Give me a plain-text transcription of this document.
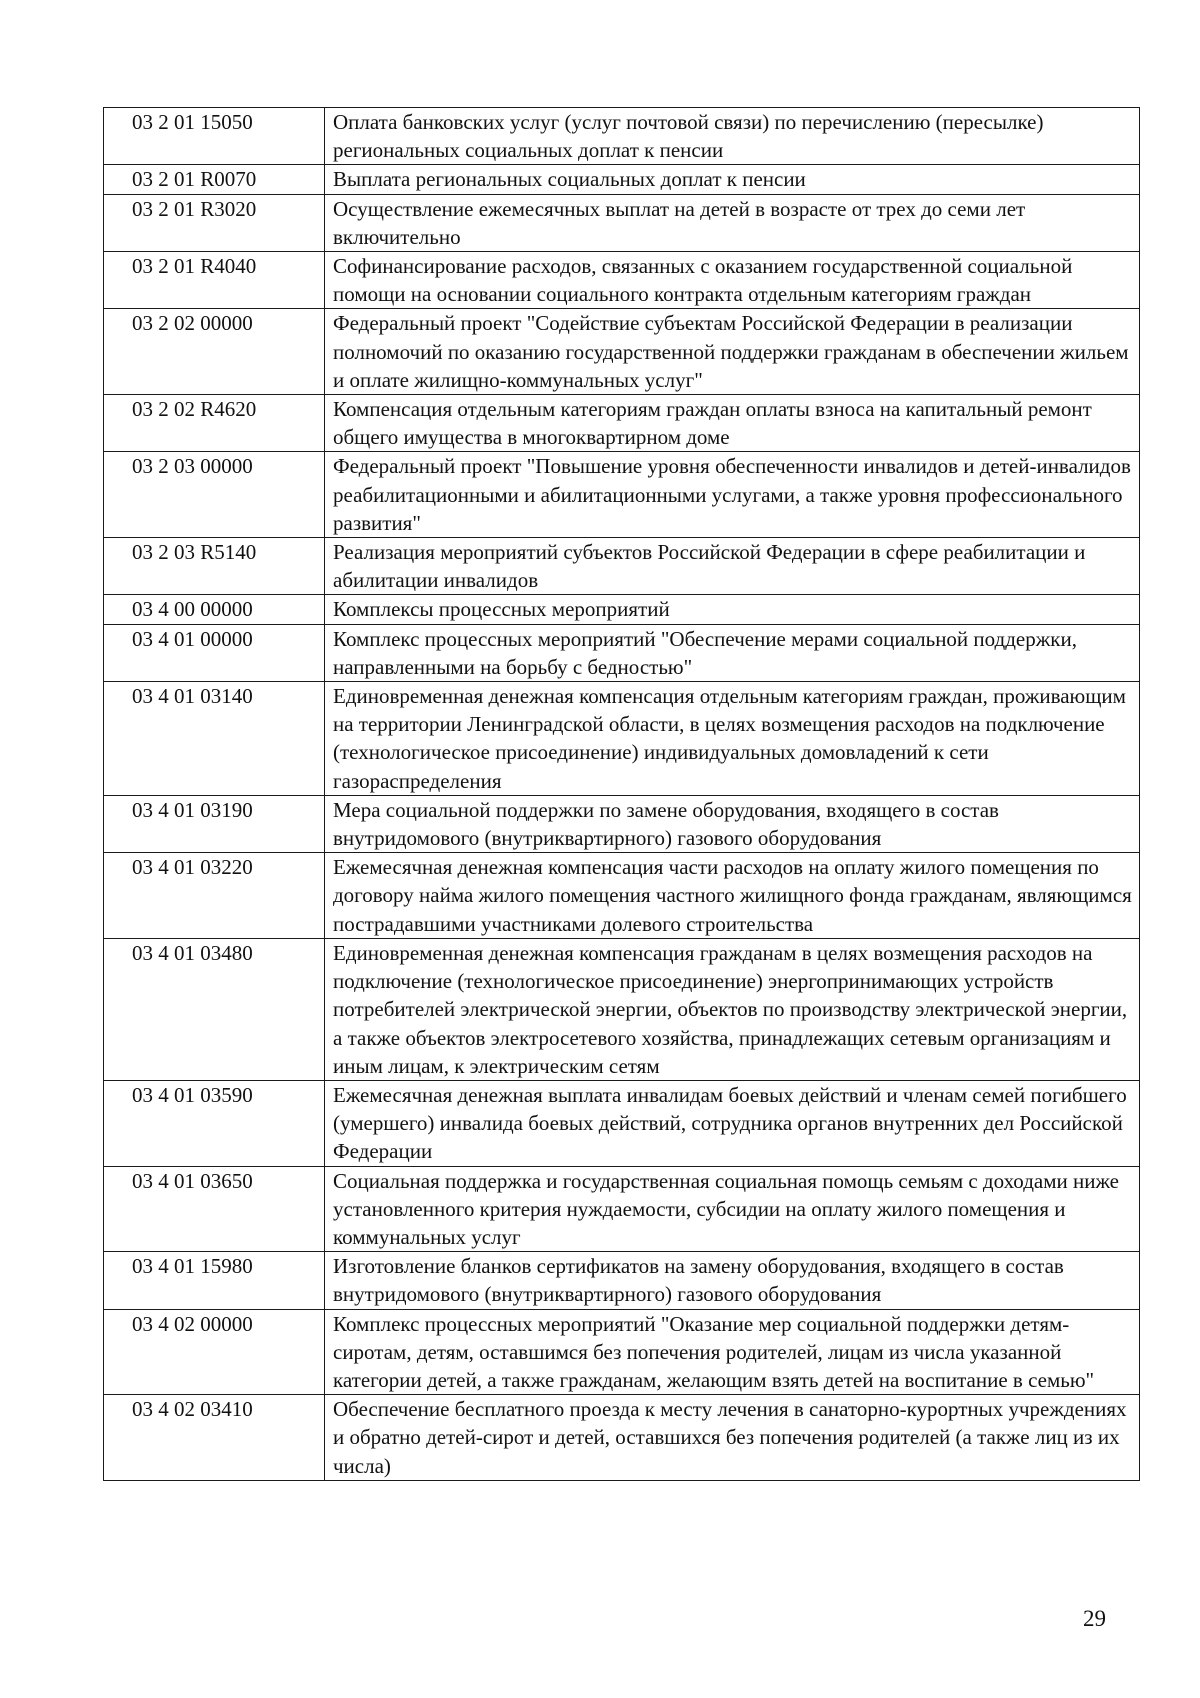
03 2 01 15050	Оплата банковских услуг (услуг почтовой связи) по перечислению (пересылке) региональных социальных доплат к пенсии
03 2 01 R0070	Выплата региональных социальных доплат к пенсии
03 2 01 R3020	Осуществление ежемесячных выплат на детей в возрасте от трех до семи лет включительно
03 2 01 R4040	Софинансирование расходов, связанных с оказанием государственной социальной помощи на основании социального контракта отдельным категориям граждан
03 2 02 00000	Федеральный проект "Содействие субъектам Российской Федерации в реализации полномочий по оказанию государственной поддержки гражданам в обеспечении жильем и оплате жилищно-коммунальных услуг"
03 2 02 R4620	Компенсация отдельным категориям граждан оплаты взноса на капитальный ремонт общего имущества в многоквартирном доме
03 2 03 00000	Федеральный проект "Повышение уровня обеспеченности инвалидов и детей-инвалидов реабилитационными и абилитационными услугами, а также уровня профессионального развития"
03 2 03 R5140	Реализация мероприятий субъектов Российской Федерации в сфере реабилитации и абилитации инвалидов
03 4 00 00000	Комплексы процессных мероприятий
03 4 01 00000	Комплекс процессных мероприятий "Обеспечение мерами социальной поддержки, направленными на борьбу с бедностью"
03 4 01 03140	Единовременная денежная компенсация отдельным категориям граждан, проживающим на территории Ленинградской области, в целях возмещения расходов на подключение (технологическое присоединение) индивидуальных домовладений к сети газораспределения
03 4 01 03190	Мера социальной поддержки по замене оборудования, входящего в состав внутридомового (внутриквартирного) газового оборудования
03 4 01 03220	Ежемесячная денежная компенсация части расходов на оплату жилого помещения по договору найма жилого помещения частного жилищного фонда гражданам, являющимся пострадавшими участниками долевого строительства
03 4 01 03480	Единовременная денежная компенсация гражданам в целях возмещения расходов на подключение (технологическое присоединение) энергопринимающих устройств потребителей электрической энергии, объектов по производству электрической энергии, а также объектов электросетевого хозяйства, принадлежащих сетевым организациям и иным лицам, к электрическим сетям
03 4 01 03590	Ежемесячная денежная выплата инвалидам боевых действий и членам семей погибшего (умершего) инвалида боевых действий, сотрудника органов внутренних дел Российской Федерации
03 4 01 03650	Социальная поддержка и государственная социальная помощь семьям с доходами ниже установленного критерия нуждаемости, субсидии на оплату жилого помещения и коммунальных услуг
03 4 01 15980	Изготовление бланков сертификатов на замену оборудования, входящего в состав внутридомового (внутриквартирного) газового оборудования
03 4 02 00000	Комплекс процессных мероприятий "Оказание мер социальной поддержки детям-сиротам, детям, оставшимся без попечения родителей, лицам из числа указанной категории детей, а также гражданам, желающим взять детей на воспитание в семью"
03 4 02 03410	Обеспечение бесплатного проезда к месту лечения в санаторно-курортных учреждениях и обратно детей-сирот и детей, оставшихся без попечения родителей (а также лиц из их числа)
29
